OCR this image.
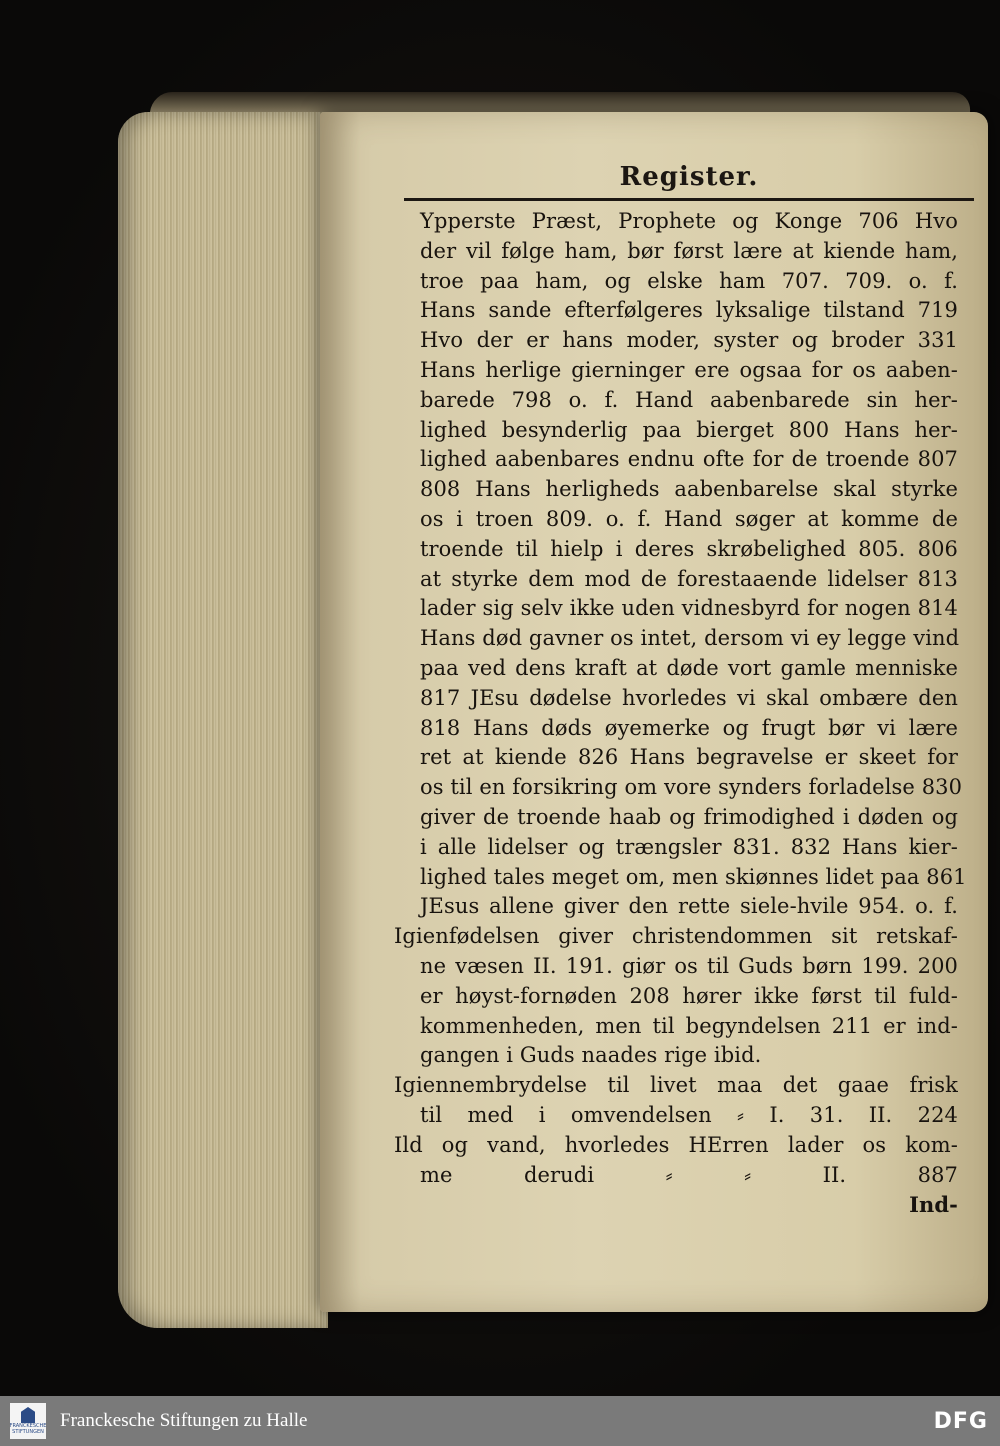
Register.
Ypperste Præst, Prophete og Konge 706 Hvo
der vil følge ham, bør først lære at kiende ham,
troe paa ham, og elske ham 707. 709. o. f.
Hans sande efterfølgeres lyksalige tilstand 719
Hvo der er hans moder, syster og broder 331
Hans herlige gierninger ere ogsaa for os aaben-
barede 798 o. f. Hand aabenbarede sin her-
lighed besynderlig paa bierget 800 Hans her-
lighed aabenbares endnu ofte for de troende 807
808 Hans herligheds aabenbarelse skal styrke
os i troen 809. o. f. Hand søger at komme de
troende til hielp i deres skrøbelighed 805. 806
at styrke dem mod de forestaaende lidelser 813
lader sig selv ikke uden vidnesbyrd for nogen 814
Hans død gavner os intet, dersom vi ey legge vind
paa ved dens kraft at døde vort gamle menniske
817 JEsu dødelse hvorledes vi skal ombære den
818 Hans døds øyemerke og frugt bør vi lære
ret at kiende 826 Hans begravelse er skeet for
os til en forsikring om vore synders forladelse 830
giver de troende haab og frimodighed i døden og
i alle lidelser og trængsler 831. 832 Hans kier-
lighed tales meget om, men skiønnes lidet paa 861
JEsus allene giver den rette siele-hvile 954. o. f.
Igienfødelsen giver christendommen sit retskaf-
ne væsen II. 191. giør os til Guds børn 199. 200
er høyst-fornøden 208 hører ikke først til fuld-
kommenheden, men til begyndelsen 211 er ind-
gangen i Guds naades rige ibid.
Igiennembrydelse til livet maa det gaae frisk
til med i omvendelsen ⸗ I. 31. II. 224
Ild og vand, hvorledes HErren lader os kom-
me derudi ⸗ ⸗ II. 887
Ind-
FRANCKESCHE STIFTUNGEN
Franckesche Stiftungen zu Halle	DFG
